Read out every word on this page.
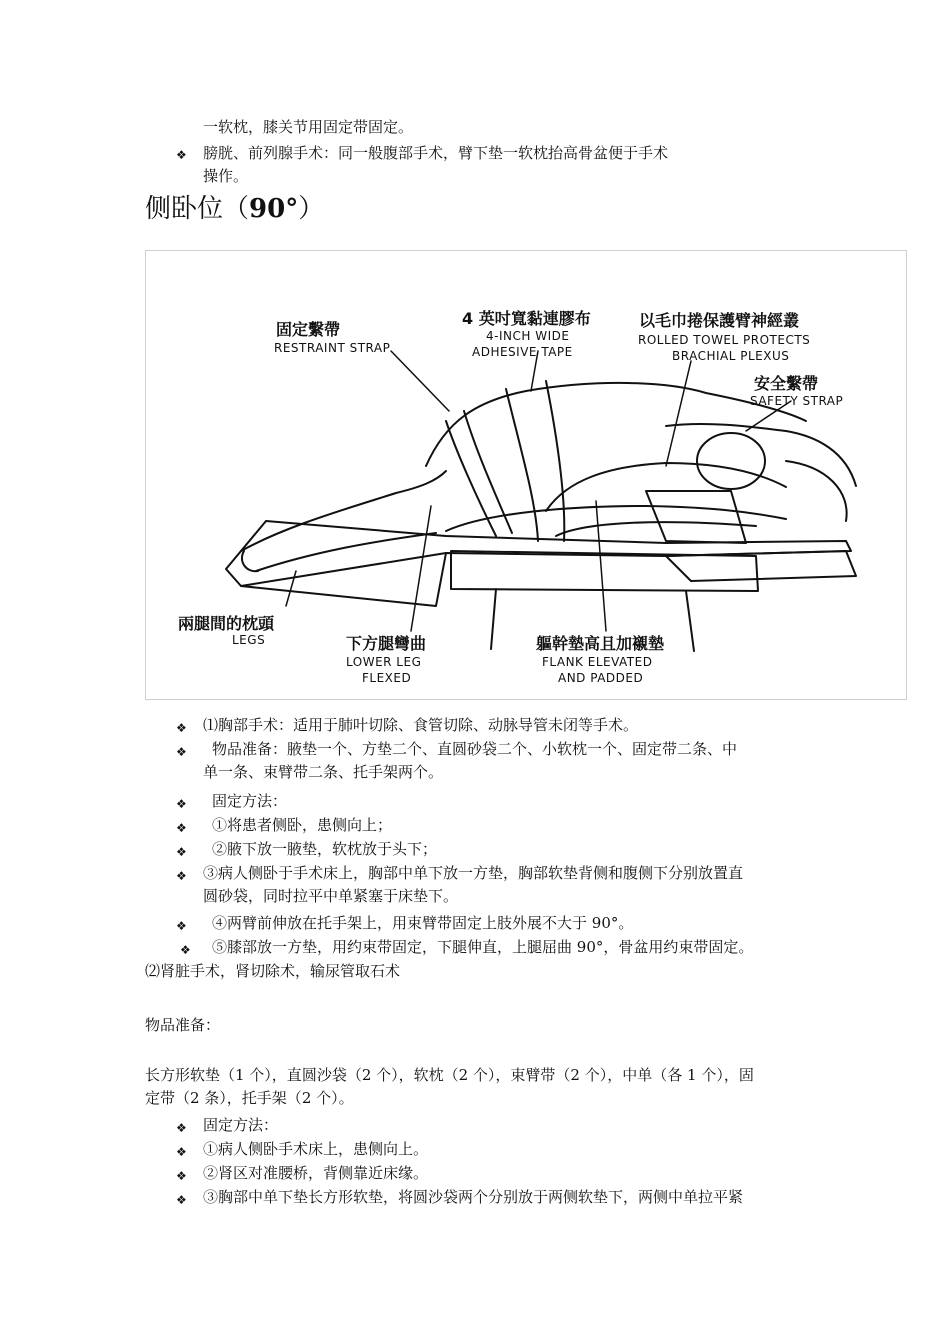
一软枕，膝关节用固定带固定。
❖ 膀胱、前列腺手术：同一般腹部手术，臂下垫一软枕抬高骨盆便于手术
操作。
侧卧位（90°）
固定繫帶
RESTRAINT STRAP
4 英吋寬黏連膠布
4-INCH WIDE
ADHESIVE TAPE
以毛巾捲保護臂神經叢
ROLLED TOWEL PROTECTS
BRACHIAL PLEXUS
安全繫帶
SAFETY STRAP
兩腿間的枕頭
LEGS	下方腿彎曲
LOWER LEG
FLEXED
軀幹墊高且加襯墊
FLANK ELEVATED
AND PADDED
❖ ⑴胸部手术：适用于肺叶切除、食管切除、动脉导管未闭等手术。
❖ 物品准备：腋垫一个、方垫二个、直圆砂袋二个、小软枕一个、固定带二条、中
单一条、束臂带二条、托手架两个。
❖ 固定方法：
❖ ①将患者侧卧，患侧向上；
❖ ②腋下放一腋垫，软枕放于头下；
❖ ③病人侧卧于手术床上，胸部中单下放一方垫，胸部软垫背侧和腹侧下分别放置直
圆砂袋，同时拉平中单紧塞于床垫下。
❖ ④两臂前伸放在托手架上，用束臂带固定上肢外展不大于 90°。
❖ ⑤膝部放一方垫，用约束带固定，下腿伸直，上腿屈曲 90°，骨盆用约束带固定。
⑵肾脏手术，肾切除术，输尿管取石术
物品准备：
长方形软垫（1 个），直圆沙袋（2 个），软枕（2 个），束臂带（2 个），中单（各 1 个），固
定带（2 条），托手架（2 个）。
❖ 固定方法：
❖ ①病人侧卧手术床上，患侧向上。
❖ ②肾区对准腰桥，背侧靠近床缘。
❖ ③胸部中单下垫长方形软垫，将圆沙袋两个分别放于两侧软垫下，两侧中单拉平紧
